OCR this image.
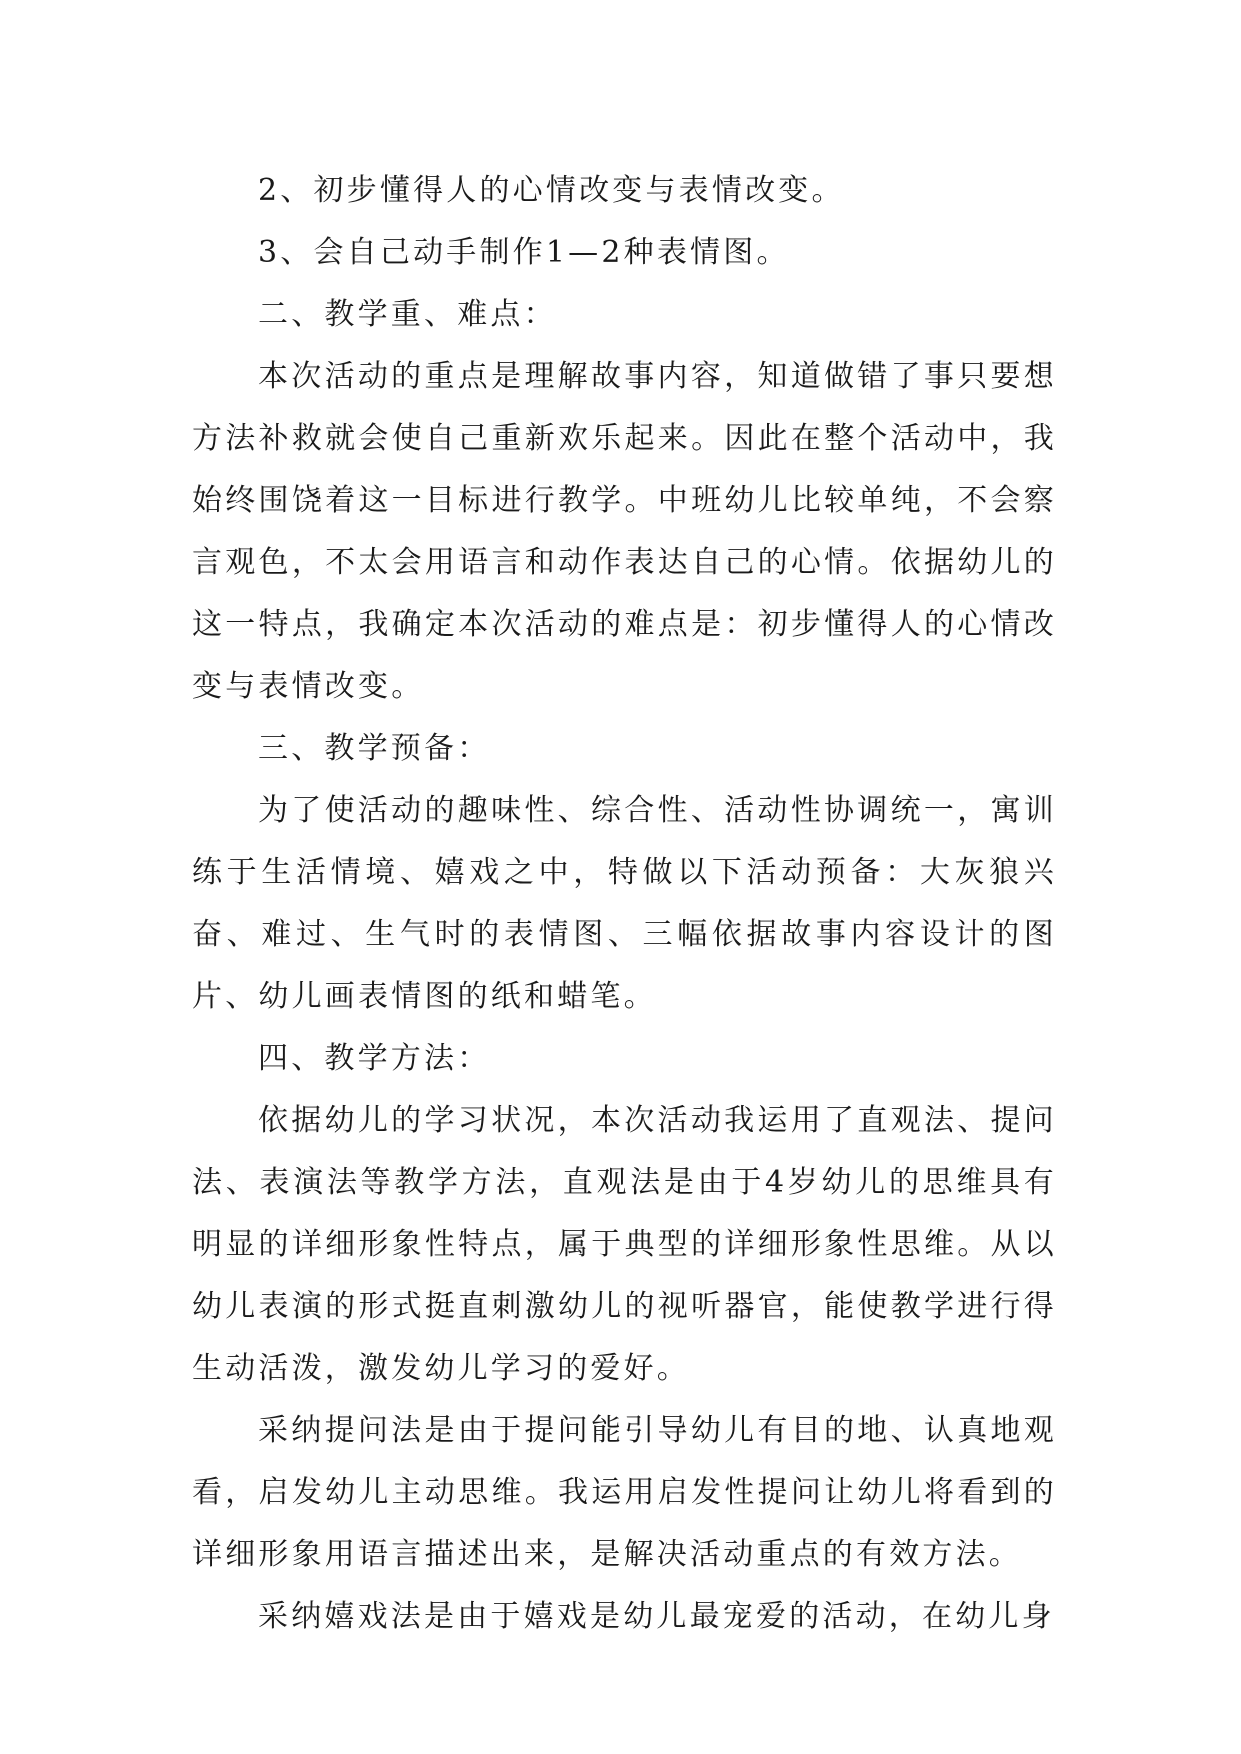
2、初步懂得人的心情改变与表情改变。

3、会自己动手制作1—2种表情图。

二、教学重、难点：

本次活动的重点是理解故事内容，知道做错了事只要想方法补救就会使自己重新欢乐起来。因此在整个活动中，我始终围饶着这一目标进行教学。中班幼儿比较单纯，不会察言观色，不太会用语言和动作表达自己的心情。依据幼儿的这一特点，我确定本次活动的难点是：初步懂得人的心情改变与表情改变。

三、教学预备：

为了使活动的趣味性、综合性、活动性协调统一，寓训练于生活情境、嬉戏之中，特做以下活动预备：大灰狼兴奋、难过、生气时的表情图、三幅依据故事内容设计的图片、幼儿画表情图的纸和蜡笔。

四、教学方法：

依据幼儿的学习状况，本次活动我运用了直观法、提问法、表演法等教学方法，直观法是由于4岁幼儿的思维具有明显的详细形象性特点，属于典型的详细形象性思维。从以幼儿表演的形式挺直刺激幼儿的视听器官，能使教学进行得生动活泼，激发幼儿学习的爱好。

采纳提问法是由于提问能引导幼儿有目的地、认真地观看，启发幼儿主动思维。我运用启发性提问让幼儿将看到的详细形象用语言描述出来，是解决活动重点的有效方法。

采纳嬉戏法是由于嬉戏是幼儿最宠爱的活动，在幼儿身
